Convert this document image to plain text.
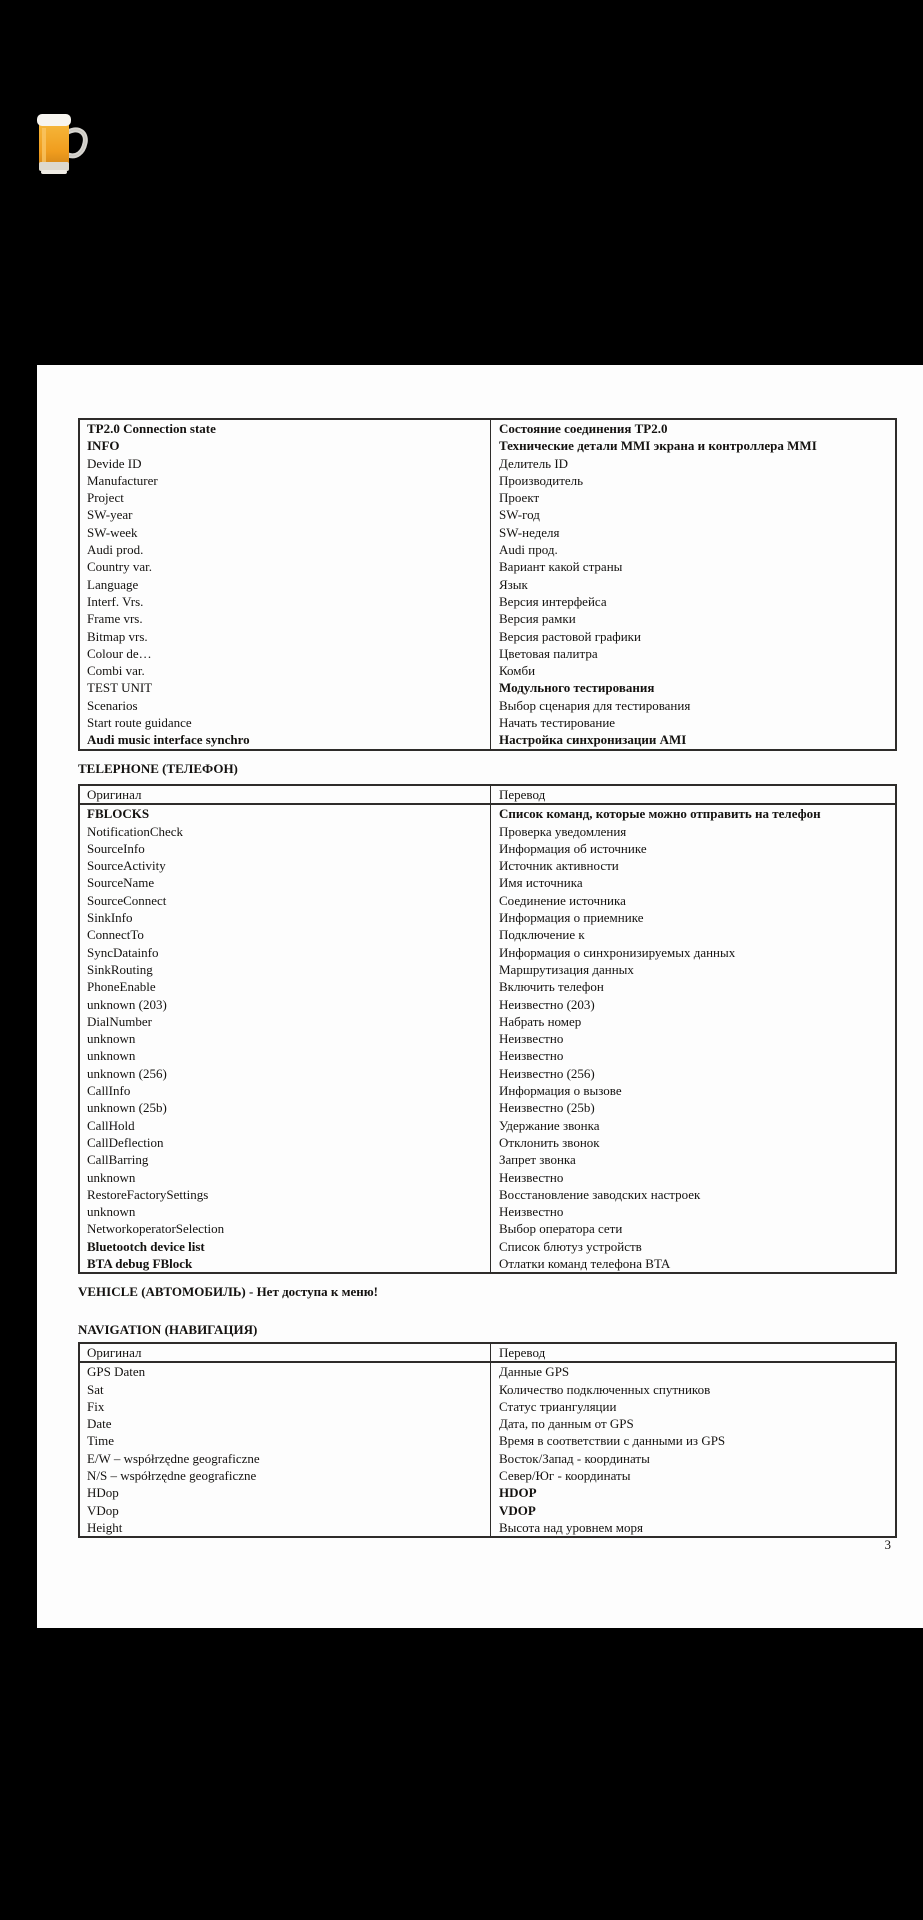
TP2.0 Connection state	Состояние соединения TP2.0
INFO	Технические детали MMI экрана и контроллера MMI
Devide ID	Делитель ID
Manufacturer	Производитель
Project	Проект
SW-year	SW-год
SW-week	SW-неделя
Audi prod.	Audi прод.
Country var.	Вариант какой страны
Language	Язык
Interf. Vrs.	Версия интерфейса
Frame vrs.	Версия рамки
Bitmap vrs.	Версия растовой графики
Colour de…	Цветовая палитра
Combi var.	Комби
TEST UNIT	Модульного тестирования
Scenarios	Выбор сценария для тестирования
Start route guidance	Начать тестирование
Audi music interface synchro	Настройка синхронизации AMI
TELEPHONE (ТЕЛЕФОН)
Оригинал	Перевод
FBLOCKS	Список команд, которые можно отправить на телефон
NotificationCheck	Проверка уведомления
SourceInfo	Информация об источнике
SourceActivity	Источник активности
SourceName	Имя источника
SourceConnect	Соединение источника
SinkInfo	Информация о приемнике
ConnectTo	Подключение к
SyncDatainfo	Информация о синхронизируемых данных
SinkRouting	Маршрутизация данных
PhoneEnable	Включить телефон
unknown (203)	Неизвестно (203)
DialNumber	Набрать номер
unknown	Неизвестно
unknown	Неизвестно
unknown (256)	Неизвестно (256)
CallInfo	Информация о вызове
unknown (25b)	Неизвестно (25b)
CallHold	Удержание звонка
CallDeflection	Отклонить звонок
CallBarring	Запрет звонка
unknown	Неизвестно
RestoreFactorySettings	Восстановление заводских настроек
unknown	Неизвестно
NetworkoperatorSelection	Выбор оператора сети
Bluetootch device list	Список блютуз устройств
BTA debug FBlock	Отлатки команд телефона BTA
VEHICLE (АВТОМОБИЛЬ) - Нет доступа к меню!
NAVIGATION (НАВИГАЦИЯ)
Оригинал	Перевод
GPS Daten	Данные GPS
Sat	Количество подключенных спутников
Fix	Статус триангуляции
Date	Дата, по данным от GPS
Time	Время в соответствии с данными из GPS
E/W – współrzędne geograficzne	Восток/Запад - координаты
N/S – współrzędne geograficzne	Север/Юг - координаты
HDop	HDOP
VDop	VDOP
Height	Высота над уровнем моря
3
